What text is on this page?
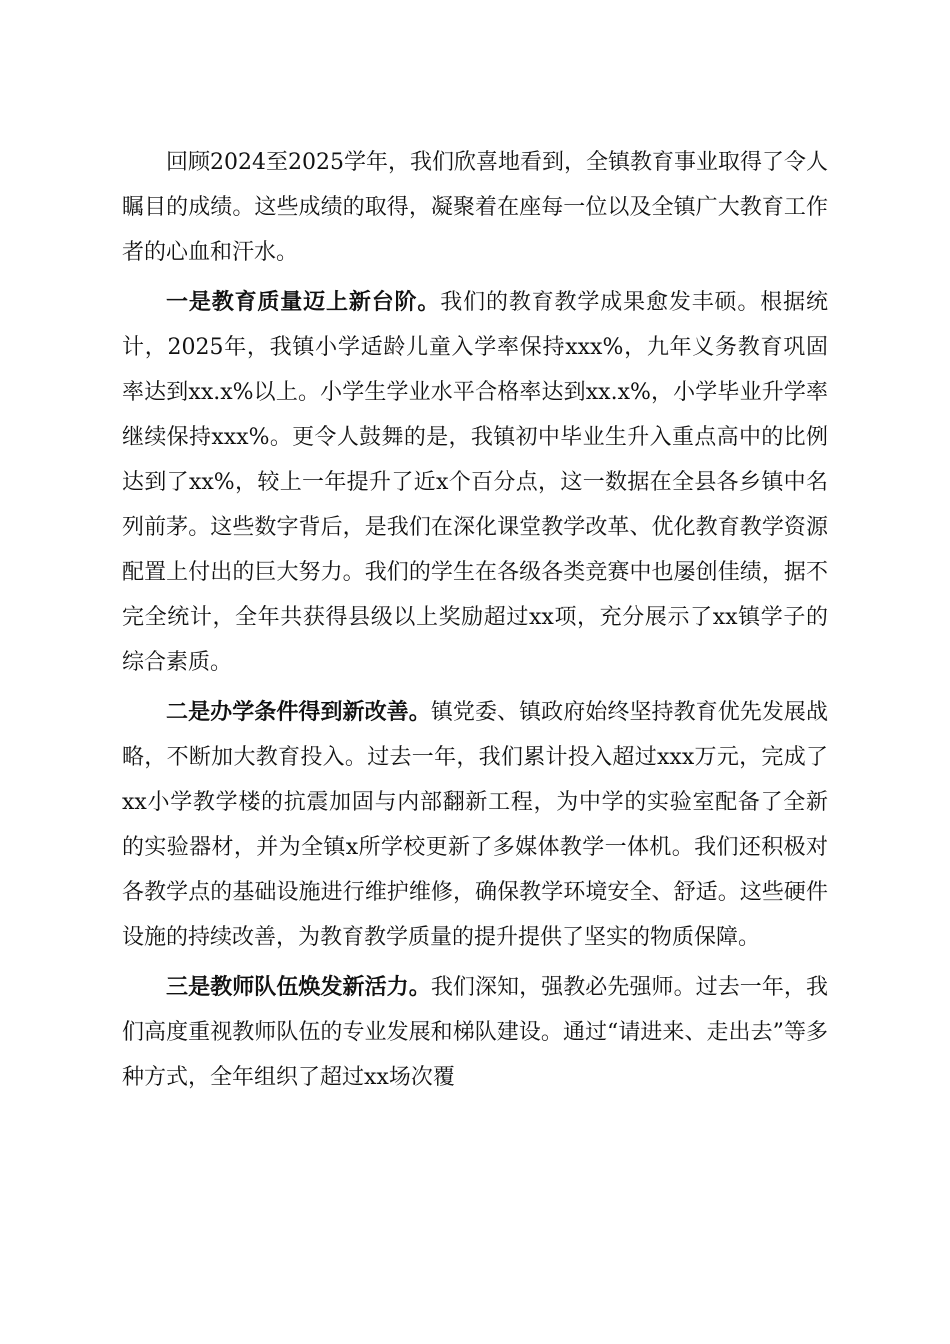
回顾2024至2025学年，我们欣喜地看到，全镇教育事业取得了令人瞩目的成绩。这些成绩的取得，凝聚着在座每一位以及全镇广大教育工作者的心血和汗水。

一是教育质量迈上新台阶。我们的教育教学成果愈发丰硕。根据统计，2025年，我镇小学适龄儿童入学率保持xxx%，九年义务教育巩固率达到xx.x%以上。小学生学业水平合格率达到xx.x%，小学毕业升学率继续保持xxx%。更令人鼓舞的是，我镇初中毕业生升入重点高中的比例达到了xx%，较上一年提升了近x个百分点，这一数据在全县各乡镇中名列前茅。这些数字背后，是我们在深化课堂教学改革、优化教育教学资源配置上付出的巨大努力。我们的学生在各级各类竞赛中也屡创佳绩，据不完全统计，全年共获得县级以上奖励超过xx项，充分展示了xx镇学子的综合素质。

二是办学条件得到新改善。镇党委、镇政府始终坚持教育优先发展战略，不断加大教育投入。过去一年，我们累计投入超过xxx万元，完成了xx小学教学楼的抗震加固与内部翻新工程，为中学的实验室配备了全新的实验器材，并为全镇x所学校更新了多媒体教学一体机。我们还积极对各教学点的基础设施进行维护维修，确保教学环境安全、舒适。这些硬件设施的持续改善，为教育教学质量的提升提供了坚实的物质保障。

三是教师队伍焕发新活力。我们深知，强教必先强师。过去一年，我们高度重视教师队伍的专业发展和梯队建设。通过“请进来、走出去”等多种方式，全年组织了超过xx场次覆
